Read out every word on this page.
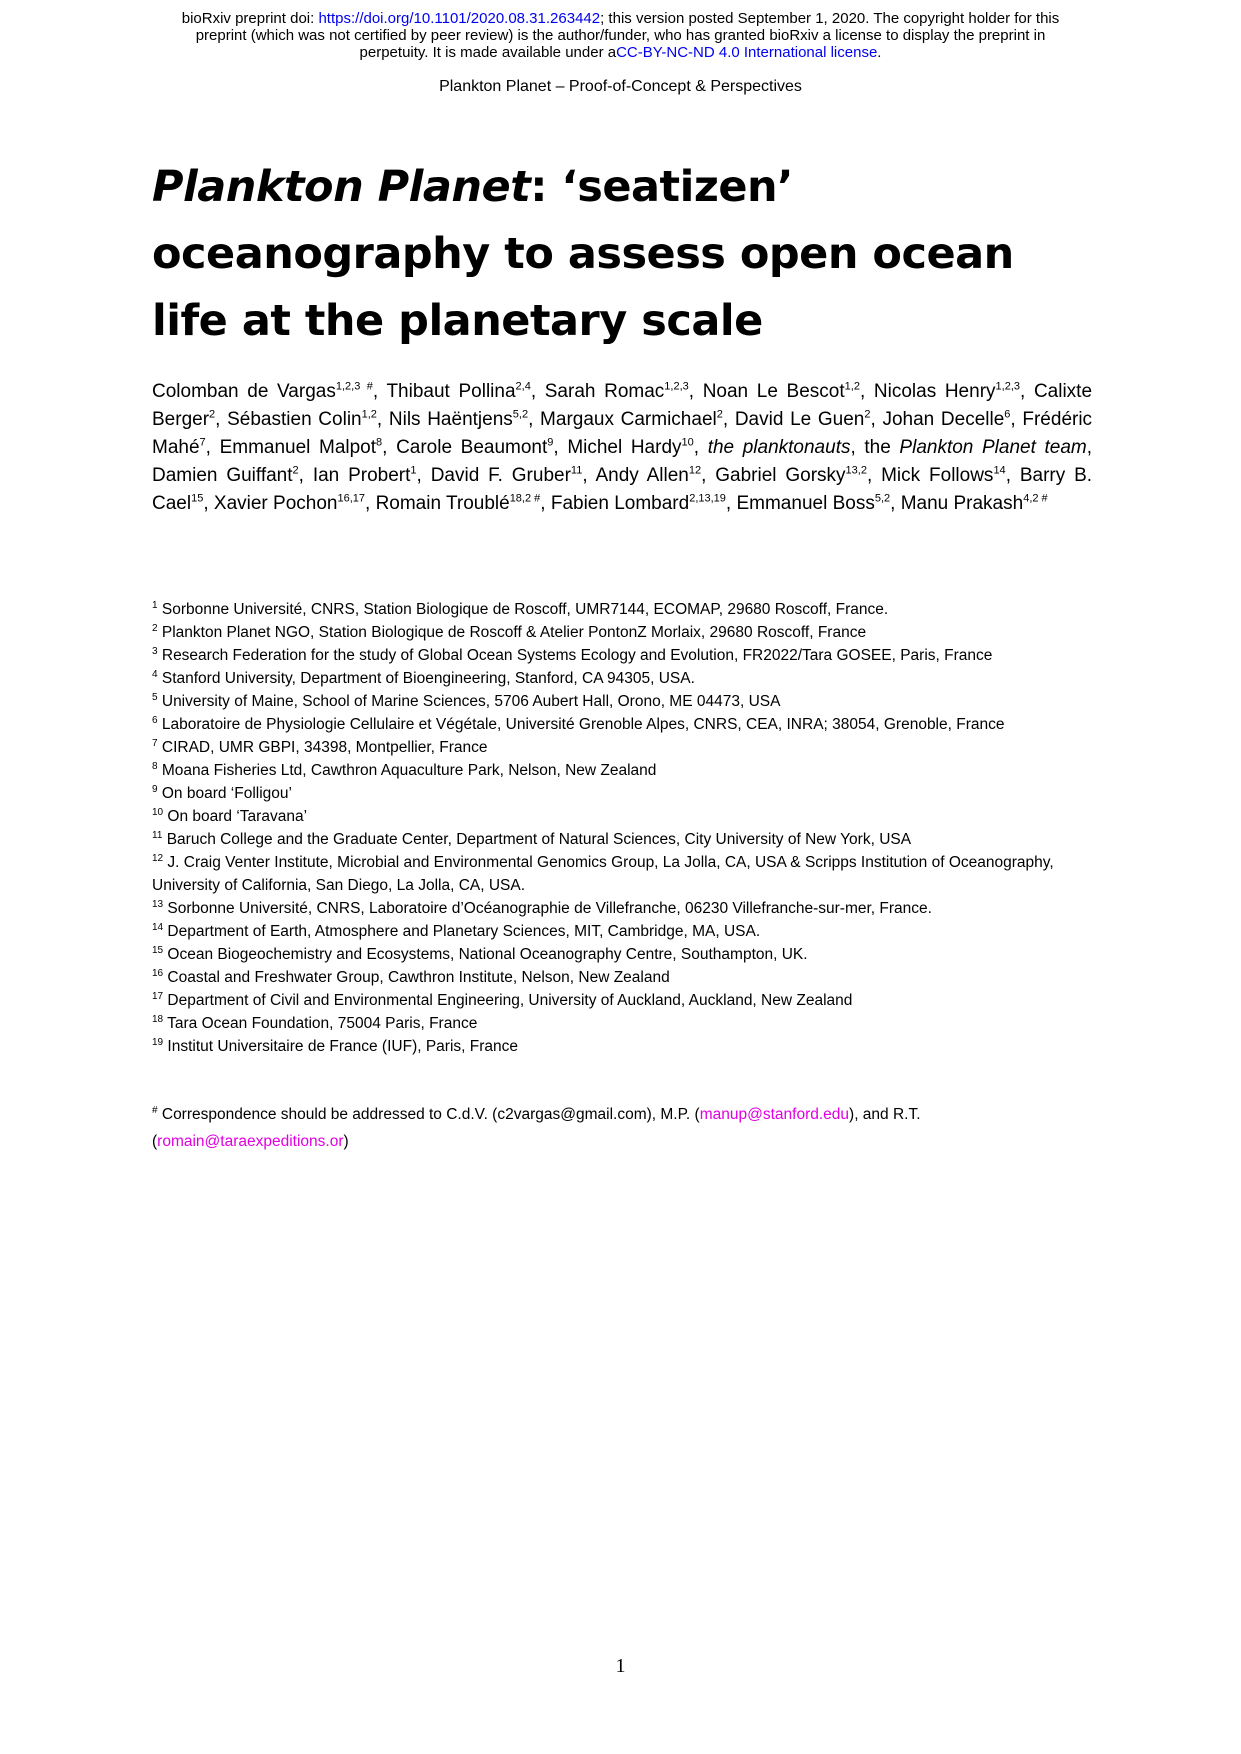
bioRxiv preprint doi: https://doi.org/10.1101/2020.08.31.263442; this version posted September 1, 2020. The copyright holder for this
preprint (which was not certified by peer review) is the author/funder, who has granted bioRxiv a license to display the preprint in
perpetuity. It is made available under aCC-BY-NC-ND 4.0 International license.
Plankton Planet – Proof-of-Concept & Perspectives
Plankton Planet: ‘seatizen’ oceanography to assess open ocean life at the planetary scale

Colomban de Vargas$^{1,2,3 \#}$, Thibaut Pollina$^{2,4}$, Sarah Romac$^{1,2,3}$, Noan Le Bescot$^{1,2}$, Nicolas Henry$^{1,2,3}$, Calixte Berger$^2$, Sébastien Colin$^{1,2}$, Nils Haëntjens$^{5,2}$, Margaux Carmichael$^2$, David Le Guen$^2$, Johan Decelle$^6$, Frédéric Mahé$^7$, Emmanuel Malpot$^8$, Carole Beaumont$^9$, Michel Hardy$^{10}$, the planktonauts, the Plankton Planet team, Damien Guiffant$^2$, Ian Probert$^1$, David F. Gruber$^{11}$, Andy Allen$^{12}$, Gabriel Gorsky$^{13,2}$, Mick Follows$^{14}$, Barry B. Cael$^{15}$, Xavier Pochon$^{16,17}$, Romain Troublé$^{18,2 \#}$, Fabien Lombard$^{2,13,19}$, Emmanuel Boss$^{5,2}$, Manu Prakash$^{4,2 \#}$

$^1$ Sorbonne Université, CNRS, Station Biologique de Roscoff, UMR7144, ECOMAP, 29680 Roscoff, France.
$^2$ Plankton Planet NGO, Station Biologique de Roscoff & Atelier PontonZ Morlaix, 29680 Roscoff, France
$^3$ Research Federation for the study of Global Ocean Systems Ecology and Evolution, FR2022/Tara GOSEE, Paris, France
$^4$ Stanford University, Department of Bioengineering, Stanford, CA 94305, USA.
$^5$ University of Maine, School of Marine Sciences, 5706 Aubert Hall, Orono, ME 04473, USA
$^6$ Laboratoire de Physiologie Cellulaire et Végétale, Université Grenoble Alpes, CNRS, CEA, INRA; 38054, Grenoble, France
$^7$ CIRAD, UMR GBPI, 34398, Montpellier, France
$^8$ Moana Fisheries Ltd, Cawthron Aquaculture Park, Nelson, New Zealand
$^9$ On board ‘Folligou’
$^{10}$ On board ‘Taravana’
$^{11}$ Baruch College and the Graduate Center, Department of Natural Sciences, City University of New York, USA
$^{12}$ J. Craig Venter Institute, Microbial and Environmental Genomics Group, La Jolla, CA, USA & Scripps Institution of Oceanography, University of California, San Diego, La Jolla, CA, USA.
$^{13}$ Sorbonne Université, CNRS, Laboratoire d’Océanographie de Villefranche, 06230 Villefranche-sur-mer, France.
$^{14}$ Department of Earth, Atmosphere and Planetary Sciences, MIT, Cambridge, MA, USA.
$^{15}$ Ocean Biogeochemistry and Ecosystems, National Oceanography Centre, Southampton, UK.
$^{16}$ Coastal and Freshwater Group, Cawthron Institute, Nelson, New Zealand
$^{17}$ Department of Civil and Environmental Engineering, University of Auckland, Auckland, New Zealand
$^{18}$ Tara Ocean Foundation, 75004 Paris, France
$^{19}$ Institut Universitaire de France (IUF), Paris, France

# Correspondence should be addressed to C.d.V. (c2vargas@gmail.com), M.P. (manup@stanford.edu), and R.T. (romain@taraexpeditions.or)

1
